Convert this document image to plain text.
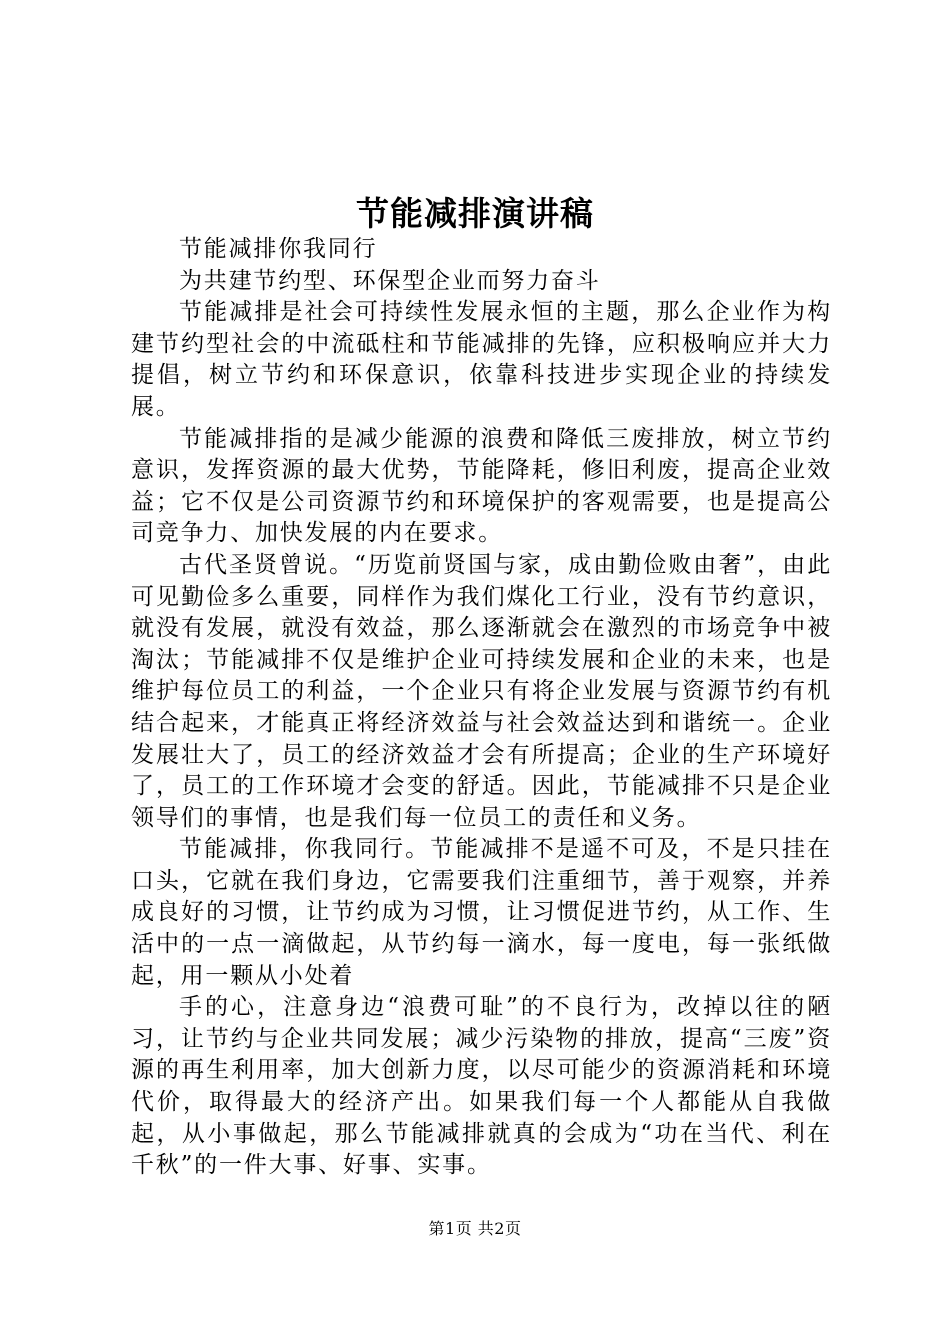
节能减排演讲稿

节能减排你我同行

为共建节约型、环保型企业而努力奋斗

节能减排是社会可持续性发展永恒的主题，那么企业作为构建节约型社会的中流砥柱和节能减排的先锋，应积极响应并大力提倡，树立节约和环保意识，依靠科技进步实现企业的持续发展。

节能减排指的是减少能源的浪费和降低三废排放，树立节约意识，发挥资源的最大优势，节能降耗，修旧利废，提高企业效益；它不仅是公司资源节约和环境保护的客观需要，也是提高公司竞争力、加快发展的内在要求。

古代圣贤曾说。“历览前贤国与家，成由勤俭败由奢”，由此可见勤俭多么重要，同样作为我们煤化工行业，没有节约意识，就没有发展，就没有效益，那么逐渐就会在激烈的市场竞争中被淘汰；节能减排不仅是维护企业可持续发展和企业的未来，也是维护每位员工的利益，一个企业只有将企业发展与资源节约有机结合起来，才能真正将经济效益与社会效益达到和谐统一。企业发展壮大了，员工的经济效益才会有所提高；企业的生产环境好了，员工的工作环境才会变的舒适。因此，节能减排不只是企业领导们的事情，也是我们每一位员工的责任和义务。

节能减排，你我同行。节能减排不是遥不可及，不是只挂在口头，它就在我们身边，它需要我们注重细节，善于观察，并养成良好的习惯，让节约成为习惯，让习惯促进节约，从工作、生活中的一点一滴做起，从节约每一滴水，每一度电，每一张纸做起，用一颗从小处着

手的心，注意身边“浪费可耻”的不良行为，改掉以往的陋习，让节约与企业共同发展；减少污染物的排放，提高“三废”资源的再生利用率，加大创新力度，以尽可能少的资源消耗和环境代价，取得最大的经济产出。如果我们每一个人都能从自我做起，从小事做起，那么节能减排就真的会成为“功在当代、利在千秋”的一件大事、好事、实事。

第1页 共2页
